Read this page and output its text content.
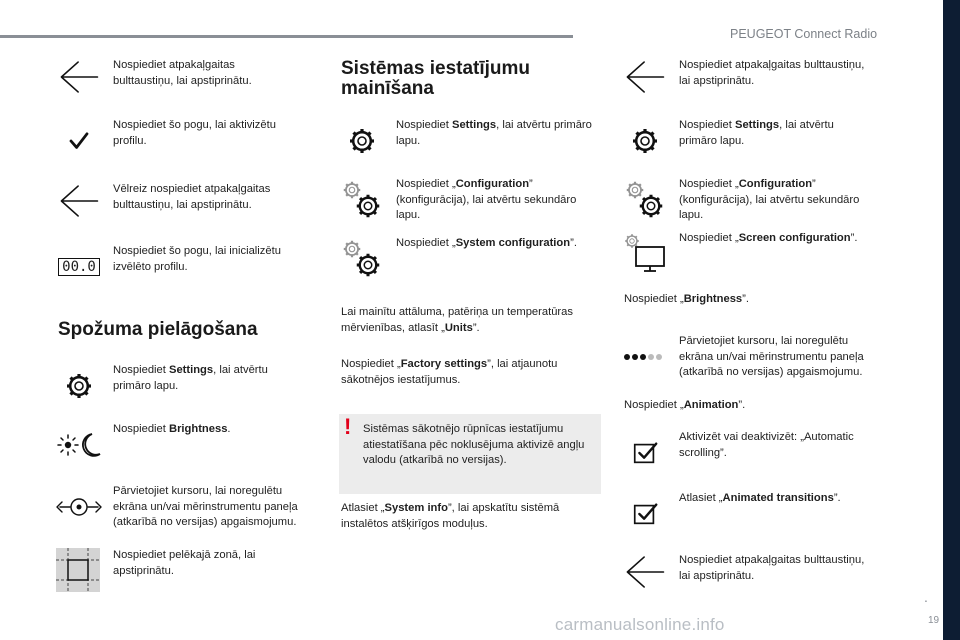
PEUGEOT Connect Radio
.
19
carmanualsonline.info
Nospiediet atpakaļgaitas bulttaustiņu, lai apstiprinātu.
Nospiediet šo pogu, lai aktivizētu profilu.
Vēlreiz nospiediet atpakaļgaitas bulttaustiņu, lai apstiprinātu.
00.0
Nospiediet šo pogu, lai inicializētu izvēlēto profilu.
Spožuma pielāgošana
Nospiediet Settings, lai atvērtu primāro lapu.
Nospiediet Brightness.
Pārvietojiet kursoru, lai noregulētu ekrāna un/vai mērinstrumentu paneļa (atkarībā no versijas) apgaismojumu.
Nospiediet pelēkajā zonā, lai apstiprinātu.
Sistēmas iestatījumu mainīšana
Nospiediet Settings, lai atvērtu primāro lapu.
Nospiediet „Configuration” (konfigurācija), lai atvērtu sekundāro lapu.
Nospiediet „System configuration”.
Lai mainītu attāluma, patēriņa un temperatūras mērvienības, atlasīt „Units”.
Nospiediet „Factory settings”, lai atjaunotu sākotnējos iestatījumus.
! Sistēmas sākotnējo rūpnīcas iestatījumu atiestatīšana pēc noklusējuma aktivizē angļu valodu (atkarībā no versijas).
Atlasiet „System info”, lai apskatītu sistēmā instalētos atšķirīgos moduļus.
Nospiediet atpakaļgaitas bulttaustiņu, lai apstiprinātu.
Nospiediet Settings, lai atvērtu primāro lapu.
Nospiediet „Configuration” (konfigurācija), lai atvērtu sekundāro lapu.
Nospiediet „Screen configuration”.
Nospiediet „Brightness”.
Pārvietojiet kursoru, lai noregulētu ekrāna un/vai mērinstrumentu paneļa (atkarībā no versijas) apgaismojumu.
Nospiediet „Animation”.
Aktivizēt vai deaktivizēt: „Automatic scrolling”.
Atlasiet „Animated transitions”.
Nospiediet atpakaļgaitas bulttaustiņu, lai apstiprinātu.
